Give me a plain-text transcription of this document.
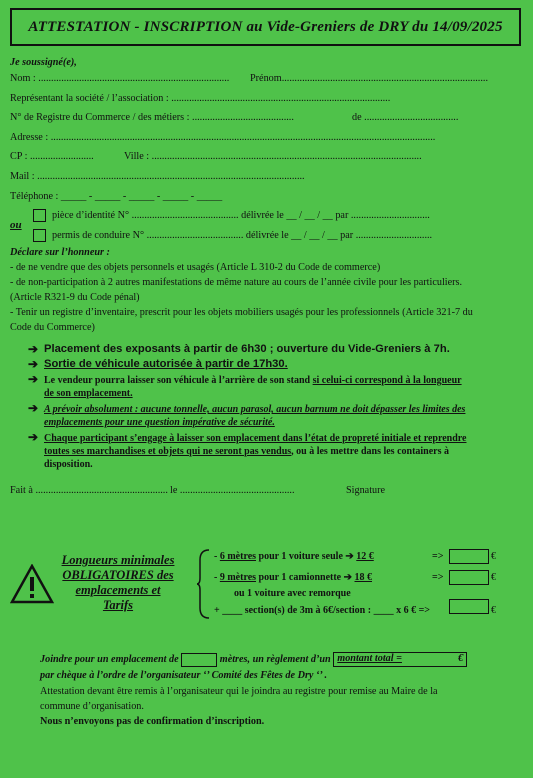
ATTESTATION - INSCRIPTION au Vide-Greniers de DRY du 14/09/2025
Je soussigné(e),
Nom : ........................................................................... Prénom.................................................................................
Représentant la société / l’association : ......................................................................................
N° de Registre du Commerce / des métiers : ........................................	de .....................................
Adresse : .......................................................................................................................................................
CP : .........................	Ville : ..........................................................................................................
Mail : .........................................................................................................
Téléphone : _____ - _____ - _____ - _____ - _____
ou
pièce d’identité N° .......................................... délivrée le __ / __ / __ par ...............................
permis de conduire N° ...................................... délivrée le __ / __ / __ par ..............................
Déclare sur l’honneur :
- de ne vendre que des objets personnels et usagés (Article L 310-2 du Code de commerce)
- de non-participation à 2 autres manifestations de même nature au cours de l’année civile pour les particuliers.
(Article R321-9 du Code pénal)
- Tenir un registre d’inventaire, prescrit pour les objets mobiliers usagés pour les professionnels (Article 321-7 du
Code du Commerce)
➔ Placement des exposants à partir de 6h30 ; ouverture du Vide-Greniers à 7h.
➔ Sortie de véhicule autorisée à partir de 17h30.
➔ Le vendeur pourra laisser son véhicule à l’arrière de son stand si celui-ci correspond à la longueur
de son emplacement.
➔ A prévoir absolument : aucune tonnelle, aucun parasol, aucun barnum ne doit dépasser les limites des
emplacements pour une question impérative de sécurité.
➔ Chaque participant s’engage à laisser son emplacement dans l’état de propreté initiale et reprendre
toutes ses marchandises et objets qui ne seront pas vendus, ou à les mettre dans les containers à
disposition.
Fait à .................................................... le .............................................	Signature
Longueurs minimales
OBLIGATOIRES des
emplacements et
Tarifs
- 6 mètres pour 1 voiture seule ➔ 12 €	=>	€
- 9 mètres pour 1 camionnette ➔ 18 €	=>	€
ou 1 voiture avec remorque
+ ____ section(s) de 3m à 6€/section : ____ x 6 € =>	€
Joindre pour un emplacement de	mètres, un règlement d’un montant total =	€
par chèque à l’ordre de l’organisateur ‘’ Comité des Fêtes de Dry ‘’ .
Attestation devant être remis à l’organisateur qui le joindra au registre pour remise au Maire de la
commune d’organisation.
Nous n’envoyons pas de confirmation d’inscription.
